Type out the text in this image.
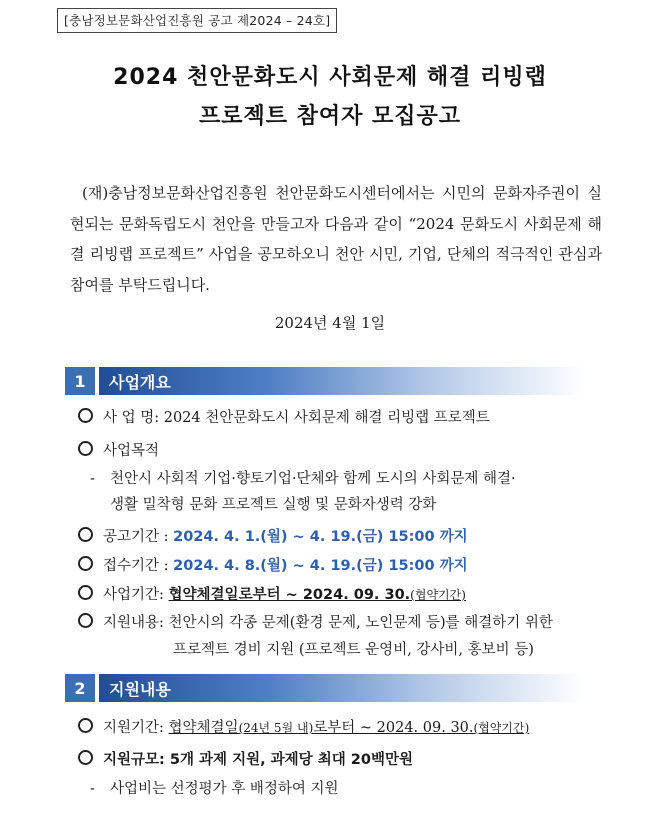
[충남정보문화산업진흥원 공고 제2024 – 24호]
2024 천안문화도시 사회문제 해결 리빙랩
프로젝트 참여자 모집공고
(재)충남정보문화산업진흥원 천안문화도시센터에서는 시민의 문화자주권이 실현되는 문화독립도시 천안을 만들고자 다음과 같이 “2024 문화도시 사회문제 해결 리빙랩 프로젝트” 사업을 공모하오니 천안 시민, 기업, 단체의 적극적인 관심과 참여를 부탁드립니다.
2024년 4월 1일
1	사업개요
사 업 명: 2024 천안문화도시 사회문제 해결 리빙랩 프로젝트
사업목적
- 천안시 사회적 기업·향토기업·단체와 함께 도시의 사회문제 해결·
생활 밀착형 문화 프로젝트 실행 및 문화자생력 강화
공고기간 : 2024. 4. 1.(월) ~ 4. 19.(금) 15:00 까지
접수기간 : 2024. 4. 8.(월) ~ 4. 19.(금) 15:00 까지
사업기간: 협약체결일로부터 ~ 2024. 09. 30.(협약기간)
지원내용: 천안시의 각종 문제(환경 문제, 노인문제 등)를 해결하기 위한
프로젝트 경비 지원 (프로젝트 운영비, 강사비, 홍보비 등)
2	지원내용
지원기간: 협약체결일(24년 5월 내)로부터 ~ 2024. 09. 30.(협약기간)
지원규모: 5개 과제 지원, 과제당 최대 20백만원
- 사업비는 선정평가 후 배정하여 지원
